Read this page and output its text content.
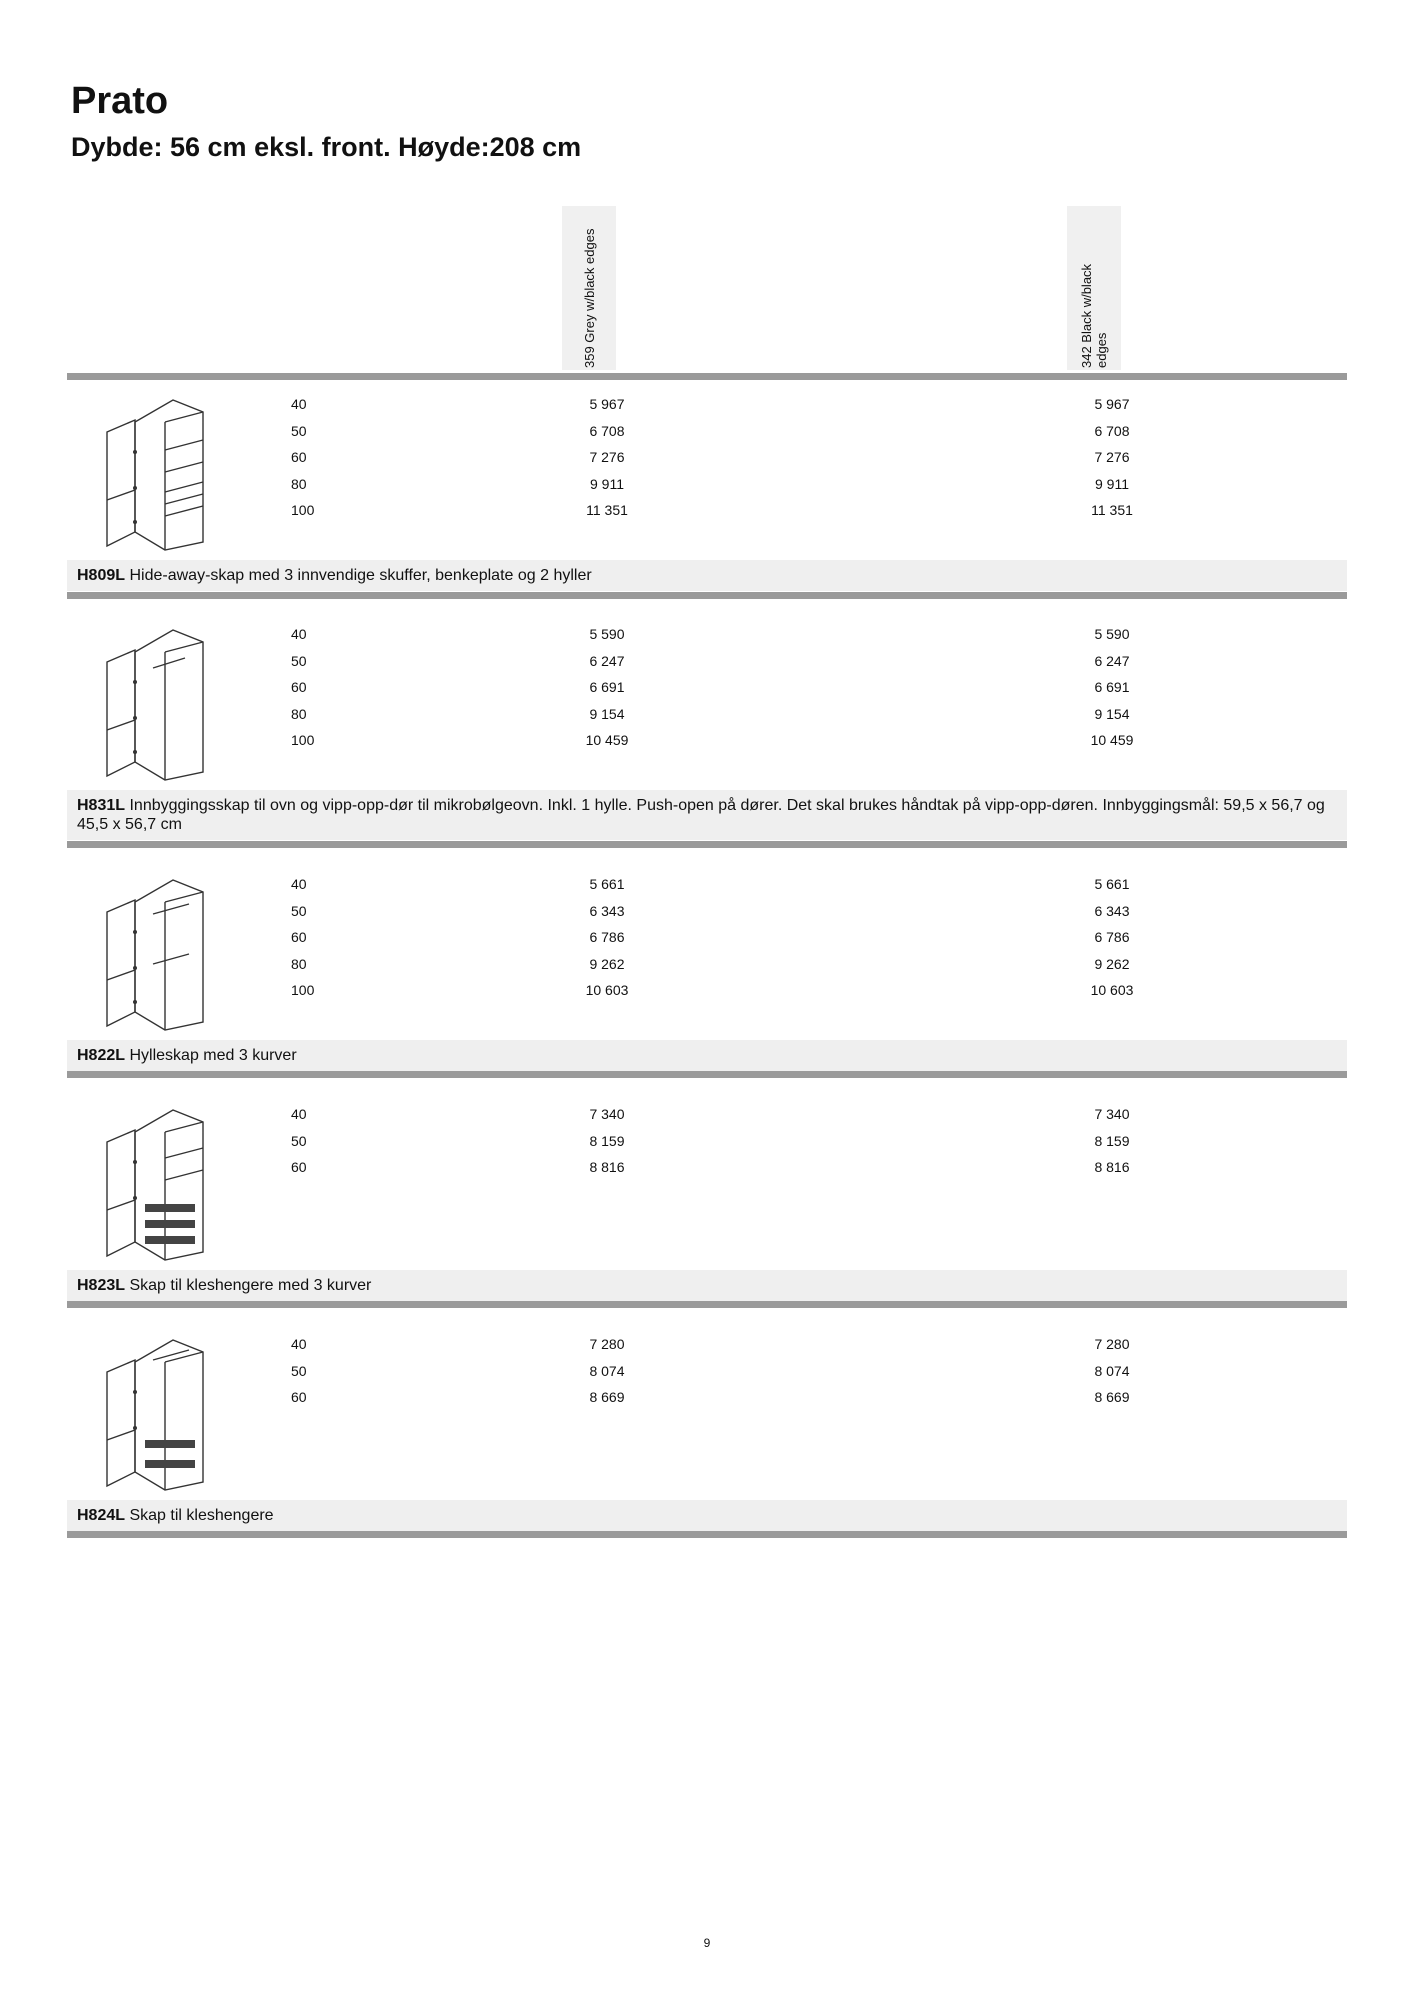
Prato
Dybde: 56 cm eksl. front. Høyde:208 cm
359 Grey w/black edges	342 Black w/black edges
40	5 967	5 967
50	6 708	6 708
60	7 276	7 276
80	9 911	9 911
100	11 351	11 351
H809L Hide-away-skap med 3 innvendige skuffer, benkeplate og 2 hyller
40	5 590	5 590
50	6 247	6 247
60	6 691	6 691
80	9 154	9 154
100	10 459	10 459
H831L Innbyggingsskap til ovn og vipp-opp-dør til mikrobølgeovn. Inkl. 1 hylle. Push-open på dører. Det skal brukes håndtak på vipp-opp-døren. Innbyggingsmål: 59,5 x 56,7 og 45,5 x 56,7 cm
40	5 661	5 661
50	6 343	6 343
60	6 786	6 786
80	9 262	9 262
100	10 603	10 603
H822L Hylleskap med 3 kurver
40	7 340	7 340
50	8 159	8 159
60	8 816	8 816
H823L Skap til kleshengere med 3 kurver
40	7 280	7 280
50	8 074	8 074
60	8 669	8 669
H824L Skap til kleshengere
9
